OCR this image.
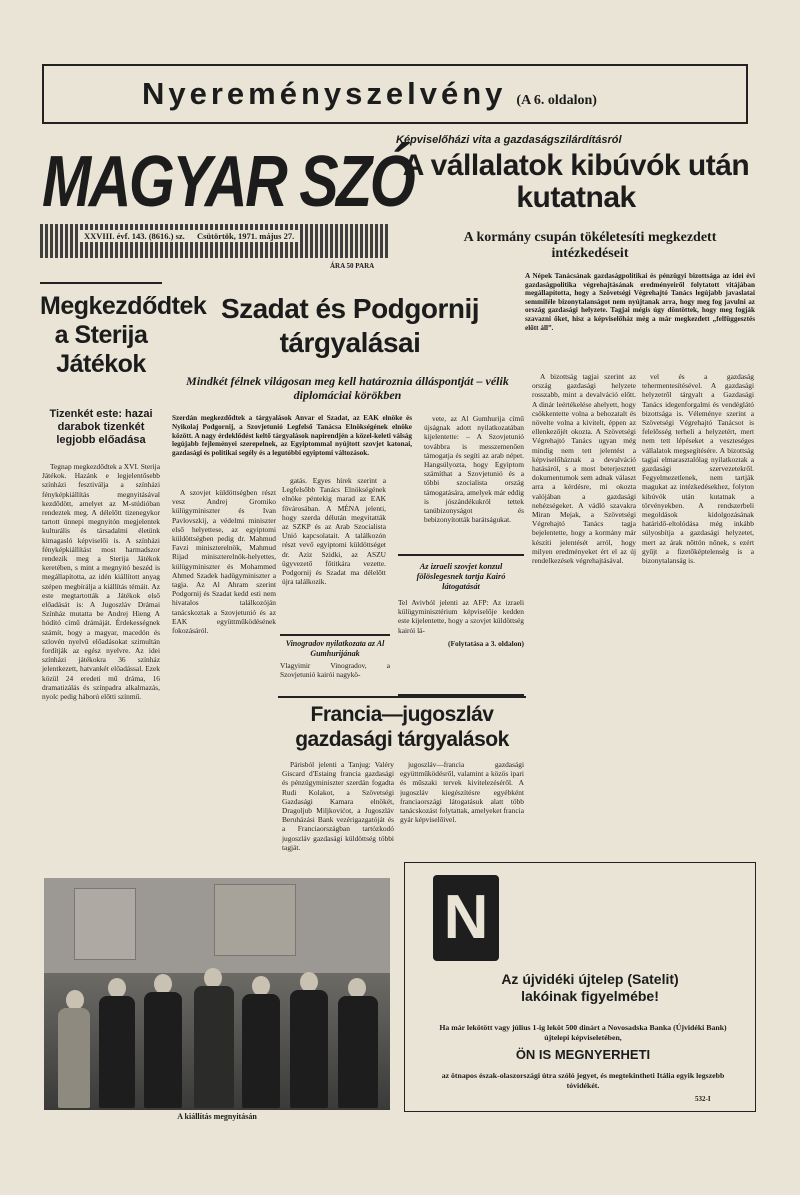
Nyereményszelvény (A 6. oldalon)
MAGYAR SZÓ
XXVIII. évf. 143. (8616.) sz. Csütörtök, 1971. május 27.
ÁRA 50 PARA
Képviselőházi vita a gazdaságszilárdításról
A vállalatok kibúvók után kutatnak
A kormány csupán tökéletesíti megkezdett intézkedéseit
A Népek Tanácsának gazdaságpolitikai és pénzügyi bizottsága az idei évi gazdaságpolitika végrehajtásának eredményeiről folytatott vitájában megállapította, hogy a Szövetségi Végrehajtó Tanács legújabb javaslatai semmiféle bizonytalanságot nem nyújtanak arra, hogy meg fog javulni az ország gazdasági helyzete. Tagjai mégis úgy döntöttek, hogy meg fogják szavazni őket, hisz a képviselőház még a már megkezdett „felfüggesztés előtt áll”.

A bizottság tagjai szerint az ország gazdasági helyzete rosszabb, mint a devalváció előtt. A dinár leértékelése ahelyett, hogy csökkentette volna a behozatalt és növelte volna a kivitelt, éppen az ellenkezőjét okozta. A Szövetségi Végrehajtó Tanács ugyan még mindig nem tett jelentést a képviselőháznak a devalváció hatásáról, s a most beterjesztett dokumentumok sem adnak választ arra a kérdésre, mi okozta valójában a gazdasági nehézségeket. A vádló szavakra Miran Mejak, a Szövetségi Végrehajtó Tanács tagja bejelentette, hogy a kormány már készíti jelentését arról, hogy milyen eredményeket ért el az új rendelkezések végrehajtásával.

vel és a gazdaság tehermentesítésével. A gazdasági helyzetről tárgyalt a Gazdasági Tanács idegenforgalmi és vendéglátó bizottsága is. Véleménye szerint a Szövetségi Végrehajtó Tanácsot is felelősség terheli a helyzetért, mert nem tett lépéseket a veszteséges vállalatok megsegítésére. A bizottság tagjai elmarasztalólag nyilatkoztak a gazdasági szervezetekről. Fegyelmezetlenek, nem tartják magukat az intézkedésekhez, folyton kibúvók után kutatnak a törvényekben. A rendszerbeli megoldások kidolgozásának határidő-eltolódása még inkább súlyosbítja a gazdasági helyzetet, mert az árak nőttön nőnek, s ezért gyűjt a fizetőképtelenség is a bizonytalanság is.

Megkezdődtek a Sterija Játékok
Tizenkét este: hazai darabok tizenkét legjobb előadása

Tegnap megkezdődtek a XVI. Sterija Játékok. Hazánk e legjelentősebb színházi fesztiválja a színházi fényképkiállítás megnyitásával kezdődött, amelyet az M-stúdióban rendeztek meg. A délelőtt tizenegykor tartott ünnepi megnyitón megjelentek kulturális és társadalmi életünk kimagasló képviselői is. A színházi fényképkiállítást most harmadszor rendezik meg a Sterija Játékok keretében, s mint a megnyitó beszéd is megállapította, az idén kiállított anyag szépen megbírálja a kiállítás témáit. Az este megtartották a Játékok első előadását is: A Jugoszláv Drámai Színház mutatta be Andrej Hieng A hódító című drámáját. Érdekességnek számít, hogy a magyar, macedón és szlovén nyelvű előadásokat szimultán fordítják az egész nyelvre. Az idei színházi játékokra 36 színház jelentkezett, hatvankét előadással. Ezek közül 24 eredeti mű dráma, 16 dramatizálás és színpadra alkalmazás, nyolc pedig háború előtti színmű.

Szadat és Podgornij tárgyalásai
Mindkét félnek világosan meg kell határoznia álláspontját – vélik diplomáciai körökben
Szerdán megkezdődtek a tárgyalások Anvar el Szadat, az EAK elnöke és Nyikolaj Podgornij, a Szovjetunió Legfelső Tanácsa Elnökségének elnöke között. A nagy érdeklődést keltő tárgyalások napirendjén a közel-keleti válság legújabb fejleményei szerepelnek, az Egyiptommal nyújtott szovjet katonai, gazdasági és politikai segély és a legutóbbi egyiptomi változások.

A szovjet küldöttségben részt vesz Andrej Gromiko külügyminiszter és Ivan Pavlovszkij, a védelmi miniszter első helyettese, az egyiptomi küldöttségben pedig dr. Mahmud Favzi miniszterelnök, Mahmud Rijad miniszterelnök-helyettes, külügyminiszter és Mohammed Ahmed Szadek hadügyminiszter a tagja. Az Al Ahram szerint Podgornij és Szadat kedd esti nem hivatalos találkozóján tanácskoztak a Szovjetunió és az EAK együttműködésének fokozásáról.

gatás. Egyes hírek szerint a Legfelsőbb Tanács Elnökségének elnöke péntekig marad az EAK fővárosában. A MÉNA jelenti, hogy szerda délután megvitatták az SZKP és az Arab Szocialista Unió kapcsolatait. A találkozón részt vevő egyiptomi küldöttséget dr. Aziz Szidki, az ASZU ügyvezető főtitkára vezette. Podgornij és Szadat ma délelőtt újra találkozik.

vete, az Al Gumhurija című újságnak adott nyilatkozatában kijelentette: – A Szovjetunió továbbra is messzemenően támogatja és segíti az arab népet. Hangsúlyozta, hogy Egyiptom számíthat a Szovjetunió és a többi szocialista ország támogatására, amelyek már eddig is jószándékukról tettek tanúbizonyságot és bebizonyították barátságukat.

Vinogradov nyilatkozata az Al Gumhurijának
Vlagyimir Vinogradov, a Szovjetunió kairói nagykö-
Az izraeli szovjet konzul fölöslegesnek tartja Kairó látogatását
Tel Avivból jelenti az AFP: Az izraeli külügyminisztérium képviselője kedden este kijelentette, hogy a szovjet küldöttség kairói lá-
(Folytatása a 3. oldalon)
Francia—jugoszláv gazdasági tárgyalások

Párisból jelenti a Tanjug: Valéry Giscard d'Estaing francia gazdasági és pénzügyminiszter szerdán fogadta Rudi Kolakot, a Szövetségi Gazdasági Kamara elnökét, Dragoljub Miljkovićot, a Jugoszláv Beruházási Bank vezérigazgatóját és a Franciaországban tartózkodó jugoszláv gazdasági küldöttség többi tagját.

jugoszláv—francia gazdasági együttműködésről, valamint a közös ipari és műszaki tervek kivitelezéséről. A jugoszláv kiegészítésre egyébként franciaországi látogatásuk alatt több tanácskozást folytattak, amelyeket francia gyár képviselőivel.

A kiállítás megnyitásán
N
Az újvidéki újtelep (Satelit) lakóinak figyelmébe!
Ha már lekötött vagy július 1-ig leköt 500 dinárt a Novosadska Banka (Újvidéki Bank) újtelepi képviseletében,
ÖN IS MEGNYERHETI
az ötnapos észak-olaszországi útra szóló jegyet, és megtekintheti Itália egyik legszebb tóvidékét.
532-I
